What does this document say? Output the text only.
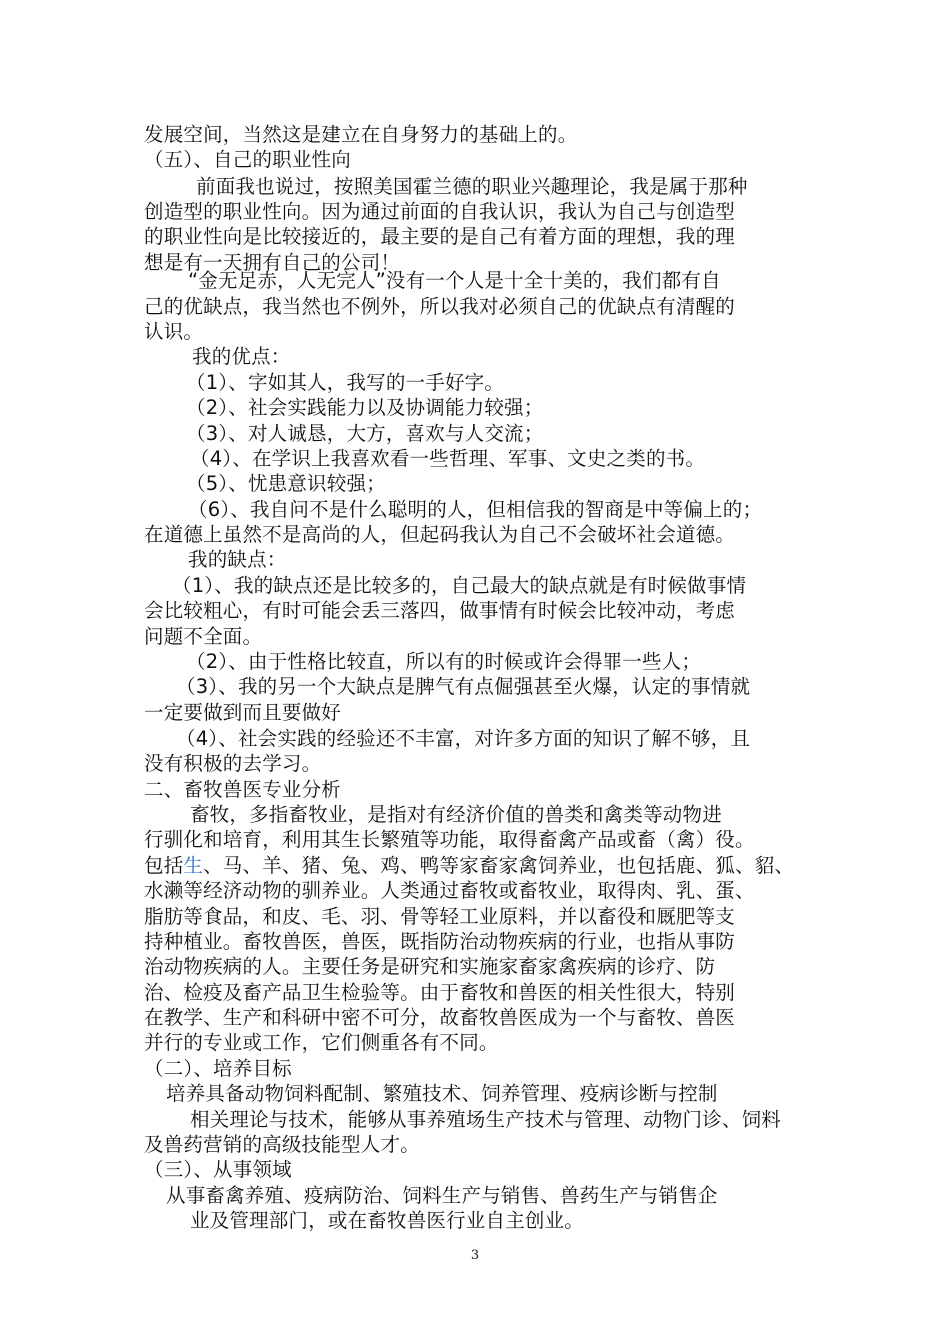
发展空间，当然这是建立在自身努力的基础上的。
（五）、自己的职业性向
前面我也说过，按照美国霍兰德的职业兴趣理论，我是属于那种
创造型的职业性向。因为通过前面的自我认识，我认为自己与创造型
的职业性向是比较接近的，最主要的是自己有着方面的理想，我的理
想是有一天拥有自己的公司！
“金无足赤，人无完人”没有一个人是十全十美的，我们都有自
己的优缺点，我当然也不例外，所以我对必须自己的优缺点有清醒的
认识。
我的优点：
（1）、字如其人，我写的一手好字。
（2）、社会实践能力以及协调能力较强；
（3）、对人诚恳，大方，喜欢与人交流；
（4）、在学识上我喜欢看一些哲理、军事、文史之类的书。
（5）、忧患意识较强；
（6）、我自问不是什么聪明的人，但相信我的智商是中等偏上的；
在道德上虽然不是高尚的人，但起码我认为自己不会破坏社会道德。
我的缺点：
（1）、我的缺点还是比较多的，自己最大的缺点就是有时候做事情
会比较粗心，有时可能会丢三落四，做事情有时候会比较冲动，考虑
问题不全面。
（2）、由于性格比较直，所以有的时候或许会得罪一些人；
（3）、我的另一个大缺点是脾气有点倔强甚至火爆，认定的事情就
一定要做到而且要做好
（4）、社会实践的经验还不丰富，对许多方面的知识了解不够，且
没有积极的去学习。
二、畜牧兽医专业分析
畜牧，多指畜牧业，是指对有经济价值的兽类和禽类等动物进
行驯化和培育，利用其生长繁殖等功能，取得畜禽产品或畜（禽）役。
包括生、马、羊、猪、兔、鸡、鸭等家畜家禽饲养业，也包括鹿、狐、貂、
水濑等经济动物的驯养业。人类通过畜牧或畜牧业，取得肉、乳、蛋、
脂肪等食品，和皮、毛、羽、骨等轻工业原料，并以畜役和厩肥等支
持种植业。畜牧兽医，兽医，既指防治动物疾病的行业，也指从事防
治动物疾病的人。主要任务是研究和实施家畜家禽疾病的诊疗、防
治、检疫及畜产品卫生检验等。由于畜牧和兽医的相关性很大，特别
在教学、生产和科研中密不可分，故畜牧兽医成为一个与畜牧、兽医
并行的专业或工作，它们侧重各有不同。
（二）、培养目标
培养具备动物饲料配制、繁殖技术、饲养管理、疫病诊断与控制
相关理论与技术，能够从事养殖场生产技术与管理、动物门诊、饲料
及兽药营销的高级技能型人才。
（三）、从事领域
从事畜禽养殖、疫病防治、饲料生产与销售、兽药生产与销售企
业及管理部门，或在畜牧兽医行业自主创业。
3
